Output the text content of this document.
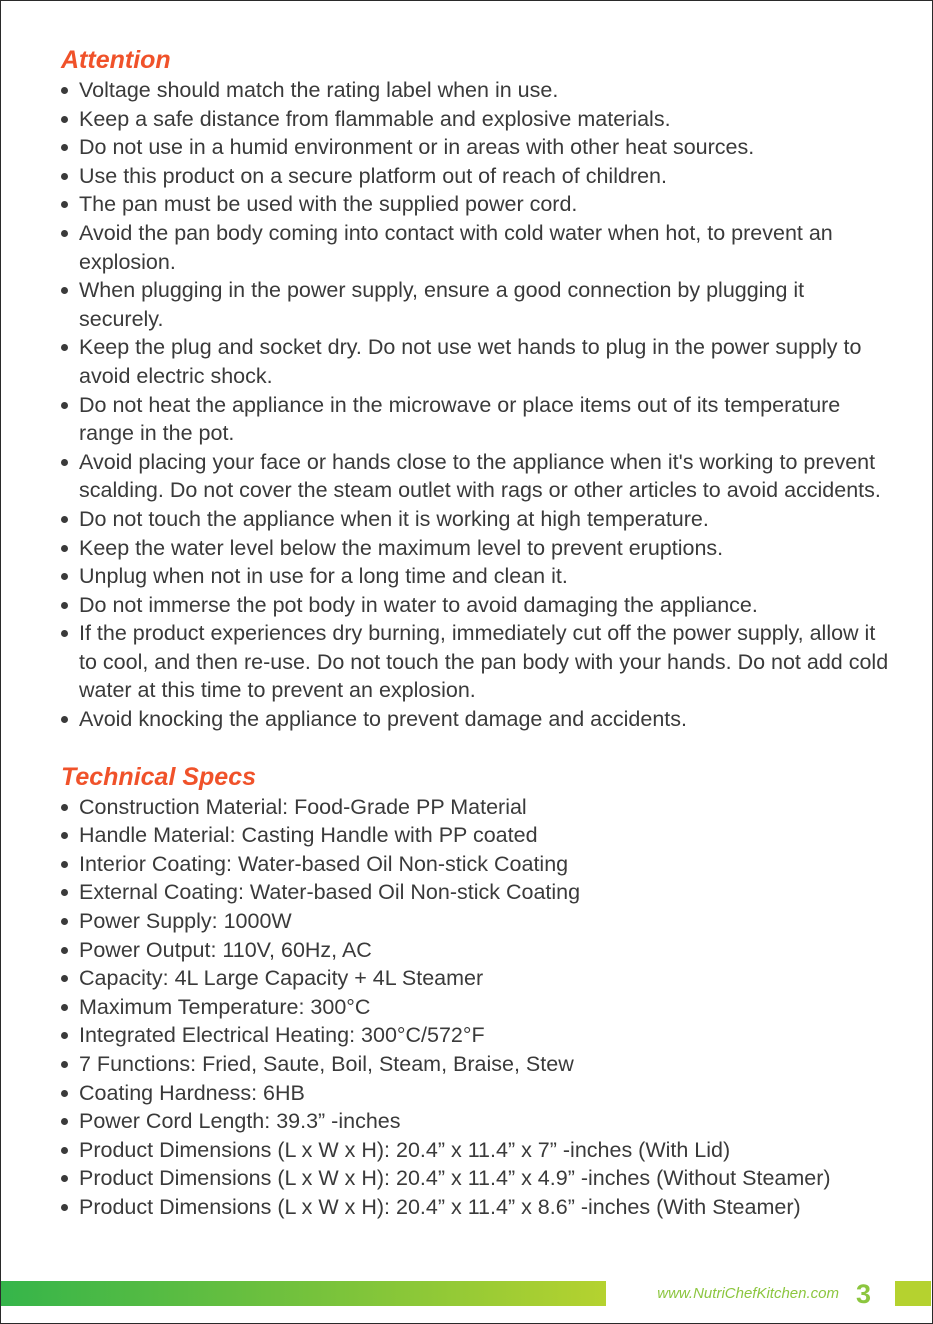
Attention
Voltage should match the rating label when in use.
Keep a safe distance from flammable and explosive materials.
Do not use in a humid environment or in areas with other heat sources.
Use this product on a secure platform out of reach of children.
The pan must be used with the supplied power cord.
Avoid the pan body coming into contact with cold water when hot, to prevent an explosion.
When plugging in the power supply, ensure a good connection by plugging it securely.
Keep the plug and socket dry. Do not use wet hands to plug in the power supply to avoid electric shock.
Do not heat the appliance in the microwave or place items out of its temperature range in the pot.
Avoid placing your face or hands close to the appliance when it's working to prevent scalding. Do not cover the steam outlet with rags or other articles to avoid accidents.
Do not touch the appliance when it is working at high temperature.
Keep the water level below the maximum level to prevent eruptions.
Unplug when not in use for a long time and clean it.
Do not immerse the pot body in water to avoid damaging the appliance.
If the product experiences dry burning, immediately cut off the power supply, allow it to cool, and then re-use. Do not touch the pan body with your hands. Do not add cold water at this time to prevent an explosion.
Avoid knocking the appliance to prevent damage and accidents.
Technical Specs
Construction Material: Food-Grade PP Material
Handle Material: Casting Handle with PP coated
Interior Coating: Water-based Oil Non-stick Coating
External Coating: Water-based Oil Non-stick Coating
Power Supply: 1000W
Power Output: 110V, 60Hz, AC
Capacity: 4L Large Capacity + 4L Steamer
Maximum Temperature: 300°C
Integrated Electrical Heating: 300°C/572°F
7 Functions: Fried, Saute, Boil, Steam, Braise, Stew
Coating Hardness: 6HB
Power Cord Length: 39.3” -inches
Product Dimensions (L x W x H): 20.4” x 11.4” x 7” -inches (With Lid)
Product Dimensions (L x W x H): 20.4” x 11.4” x 4.9” -inches (Without Steamer)
Product Dimensions (L x W x H): 20.4” x 11.4” x 8.6” -inches (With Steamer)
www.NutriChefKitchen.com 3
